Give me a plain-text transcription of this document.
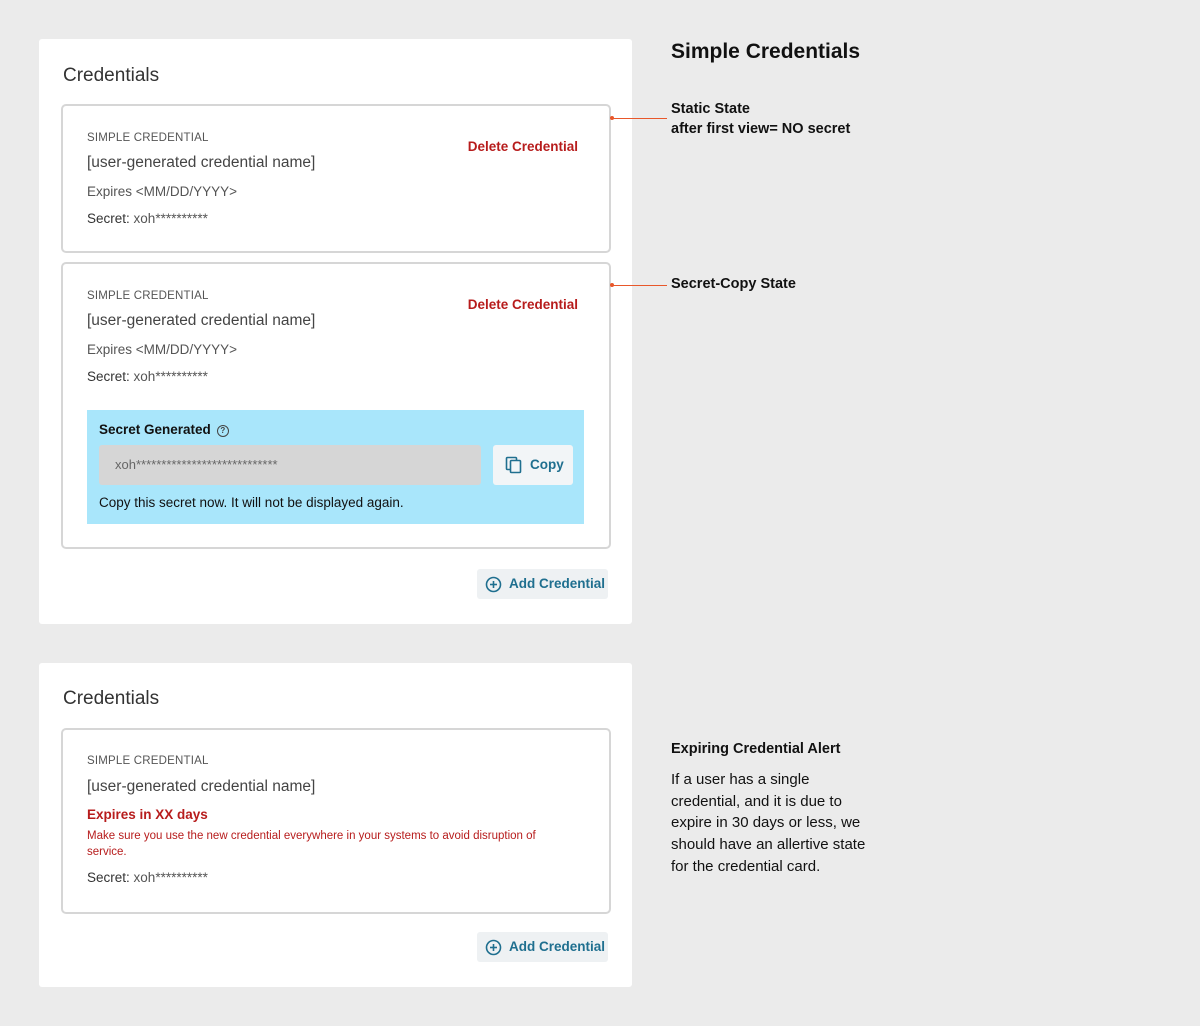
Credentials
SIMPLE CREDENTIAL
[user-generated credential name]
Expires <MM/DD/YYYY>
Secret: xoh**********
Delete Credential
SIMPLE CREDENTIAL
[user-generated credential name]
Expires <MM/DD/YYYY>
Secret: xoh**********
Delete Credential
Secret Generated ?
xoh****************************	Copy
Copy this secret now. It will not be displayed again.
Add Credential
Credentials
SIMPLE CREDENTIAL
[user-generated credential name]
Expires in XX days
Make sure you use the new credential everywhere in your systems to avoid disruption of service.
Secret: xoh**********
Add Credential
Simple Credentials
Static State
after first view= NO secret
Secret-Copy State
Expiring Credential Alert
If a user has a single credential, and it is due to expire in 30 days or less, we should have an allertive state for the credential card.
